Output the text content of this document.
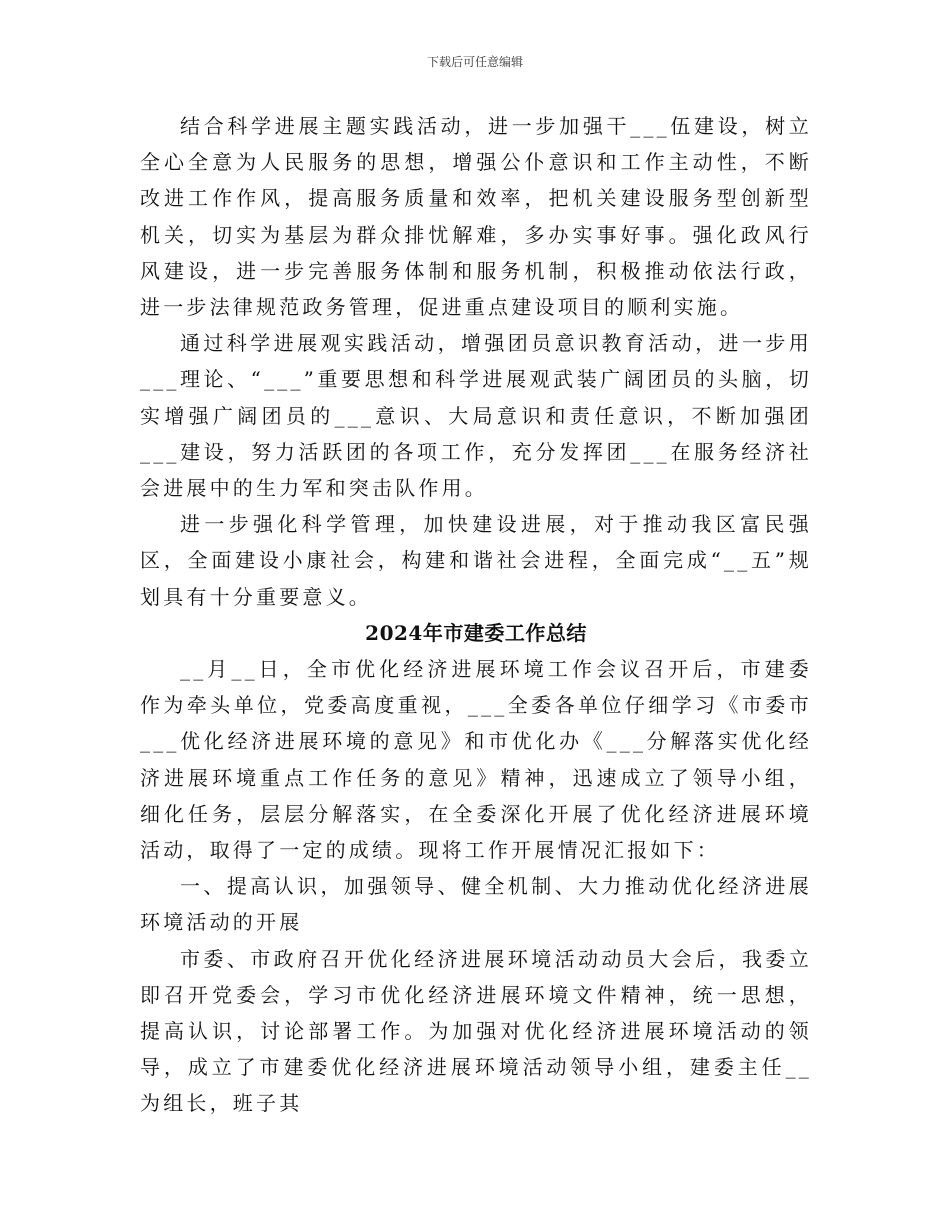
下载后可任意编辑

结合科学进展主题实践活动，进一步加强干___伍建设，树立全心全意为人民服务的思想，增强公仆意识和工作主动性，不断改进工作作风，提高服务质量和效率，把机关建设服务型创新型机关，切实为基层为群众排忧解难，多办实事好事。强化政风行风建设，进一步完善服务体制和服务机制，积极推动依法行政，进一步法律规范政务管理，促进重点建设项目的顺利实施。

通过科学进展观实践活动，增强团员意识教育活动，进一步用___理论、“___”重要思想和科学进展观武装广阔团员的头脑，切实增强广阔团员的___意识、大局意识和责任意识，不断加强团___建设，努力活跃团的各项工作，充分发挥团___在服务经济社会进展中的生力军和突击队作用。

进一步强化科学管理，加快建设进展，对于推动我区富民强区，全面建设小康社会，构建和谐社会进程，全面完成“__五”规划具有十分重要意义。

2024年市建委工作总结

__月__日，全市优化经济进展环境工作会议召开后，市建委作为牵头单位，党委高度重视，___全委各单位仔细学习《市委市___优化经济进展环境的意见》和市优化办《___分解落实优化经济进展环境重点工作任务的意见》精神，迅速成立了领导小组，细化任务，层层分解落实，在全委深化开展了优化经济进展环境活动，取得了一定的成绩。现将工作开展情况汇报如下：

一、提高认识，加强领导、健全机制、大力推动优化经济进展环境活动的开展

市委、市政府召开优化经济进展环境活动动员大会后，我委立即召开党委会，学习市优化经济进展环境文件精神，统一思想，提高认识，讨论部署工作。为加强对优化经济进展环境活动的领导，成立了市建委优化经济进展环境活动领导小组，建委主任__为组长，班子其
